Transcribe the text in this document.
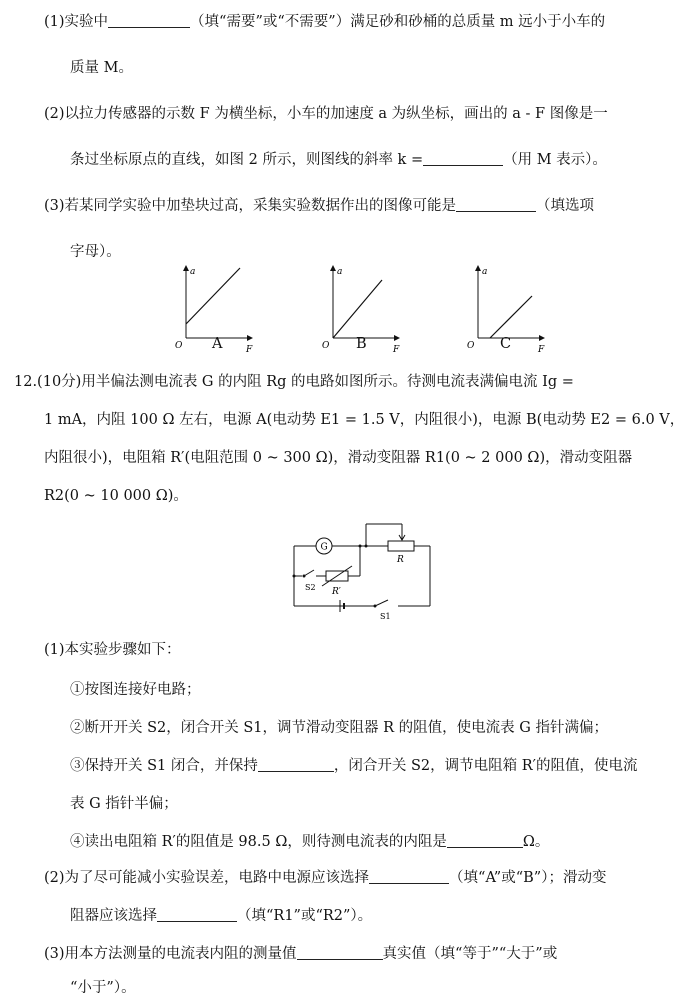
(1)实验中	（填“需要”或“不需要”）满足砂和砂桶的总质量 m 远小于小车的
质量 M。
(2)以拉力传感器的示数 F 为横坐标，小车的加速度 a 为纵坐标，画出的 a - F 图像是一
条过坐标原点的直线，如图 2 所示，则图线的斜率 k =	（用 M 表示）。
(3)若某同学实验中加垫块过高，采集实验数据作出的图像可能是	（填选项
字母）。
a
O	F
a
O	F
a
O	F
A	B	C
12.(10分)用半偏法测电流表 G 的内阻 Rg 的电路如图所示。待测电流表满偏电流 Ig =
1 mA，内阻 100 Ω 左右，电源 A(电动势 E1 = 1.5 V，内阻很小)，电源 B(电动势 E2 = 6.0 V，
内阻很小)，电阻箱 R′(电阻范围 0 ~ 300 Ω)，滑动变阻器 R1(0 ~ 2 000 Ω)，滑动变阻器
R2(0 ~ 10 000 Ω)。
G
R
R′
S2
S1
(1)本实验步骤如下：
①按图连接好电路；
②断开开关 S2，闭合开关 S1，调节滑动变阻器 R 的阻值，使电流表 G 指针满偏；
③保持开关 S1 闭合，并保持	，闭合开关 S2，调节电阻箱 R′的阻值，使电流
表 G 指针半偏；
④读出电阻箱 R′的阻值是 98.5 Ω，则待测电流表的内阻是	Ω。
(2)为了尽可能减小实验误差，电路中电源应该选择	（填“A”或“B”）；滑动变
阻器应该选择	（填“R1”或“R2”）。
(3)用本方法测量的电流表内阻的测量值	真实值（填“等于”“大于”或
“小于”）。
